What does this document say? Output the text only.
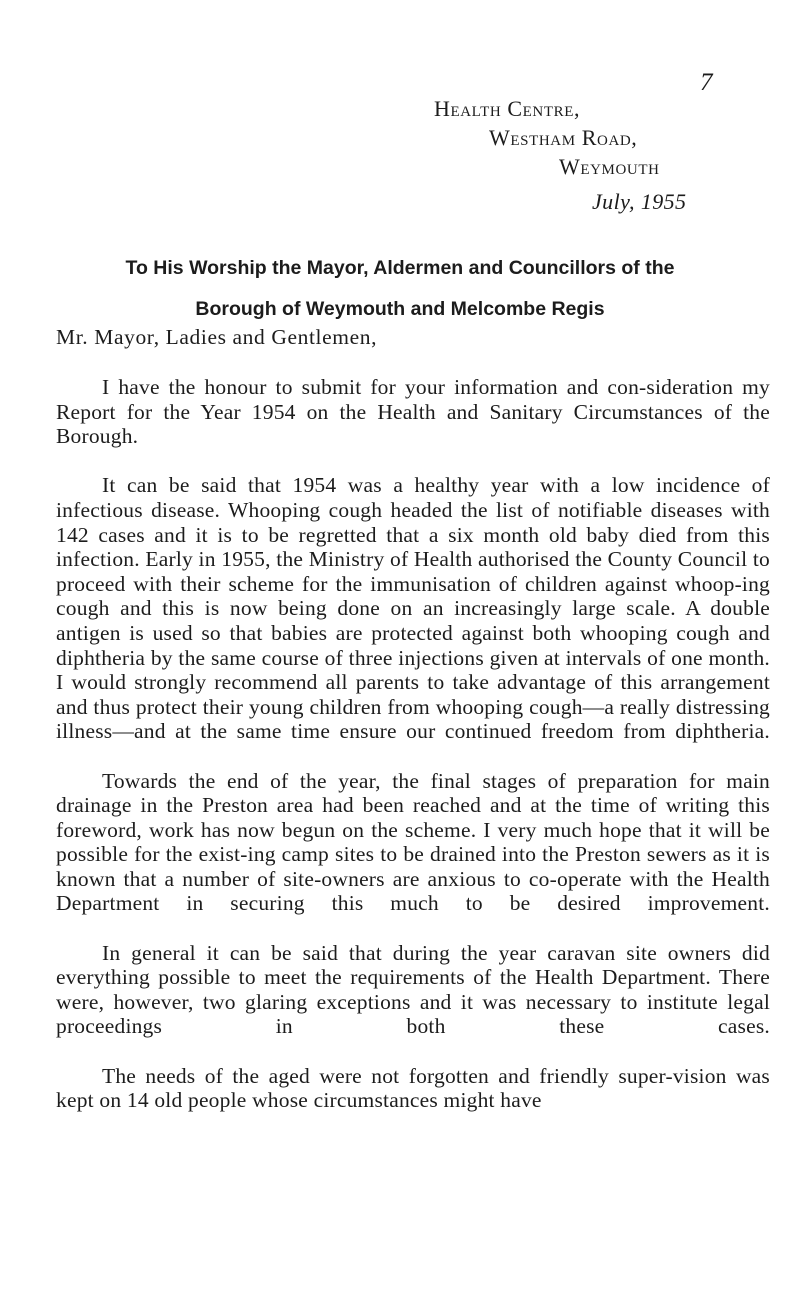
7
Health Centre,
Westham Road,
Weymouth
July, 1955
To His Worship the Mayor, Aldermen and Councillors of the
Borough of Weymouth and Melcombe Regis
Mr. Mayor, Ladies and Gentlemen,

I have the honour to submit for your information and con-sideration my Report for the Year 1954 on the Health and Sanitary Circumstances of the Borough.

It can be said that 1954 was a healthy year with a low incidence of infectious disease. Whooping cough headed the list of notifiable diseases with 142 cases and it is to be regretted that a six month old baby died from this infection. Early in 1955, the Ministry of Health authorised the County Council to proceed with their scheme for the immunisation of children against whoop-ing cough and this is now being done on an increasingly large scale. A double antigen is used so that babies are protected against both whooping cough and diphtheria by the same course of three injections given at intervals of one month. I would strongly recommend all parents to take advantage of this arrangement and thus protect their young children from whooping cough—a really distressing illness—and at the same time ensure our continued freedom from diphtheria.

Towards the end of the year, the final stages of preparation for main drainage in the Preston area had been reached and at the time of writing this foreword, work has now begun on the scheme. I very much hope that it will be possible for the exist-ing camp sites to be drained into the Preston sewers as it is known that a number of site-owners are anxious to co-operate with the Health Department in securing this much to be desired improvement.

In general it can be said that during the year caravan site owners did everything possible to meet the requirements of the Health Department. There were, however, two glaring exceptions and it was necessary to institute legal proceedings in both these cases.

The needs of the aged were not forgotten and friendly super-vision was kept on 14 old people whose circumstances might have
